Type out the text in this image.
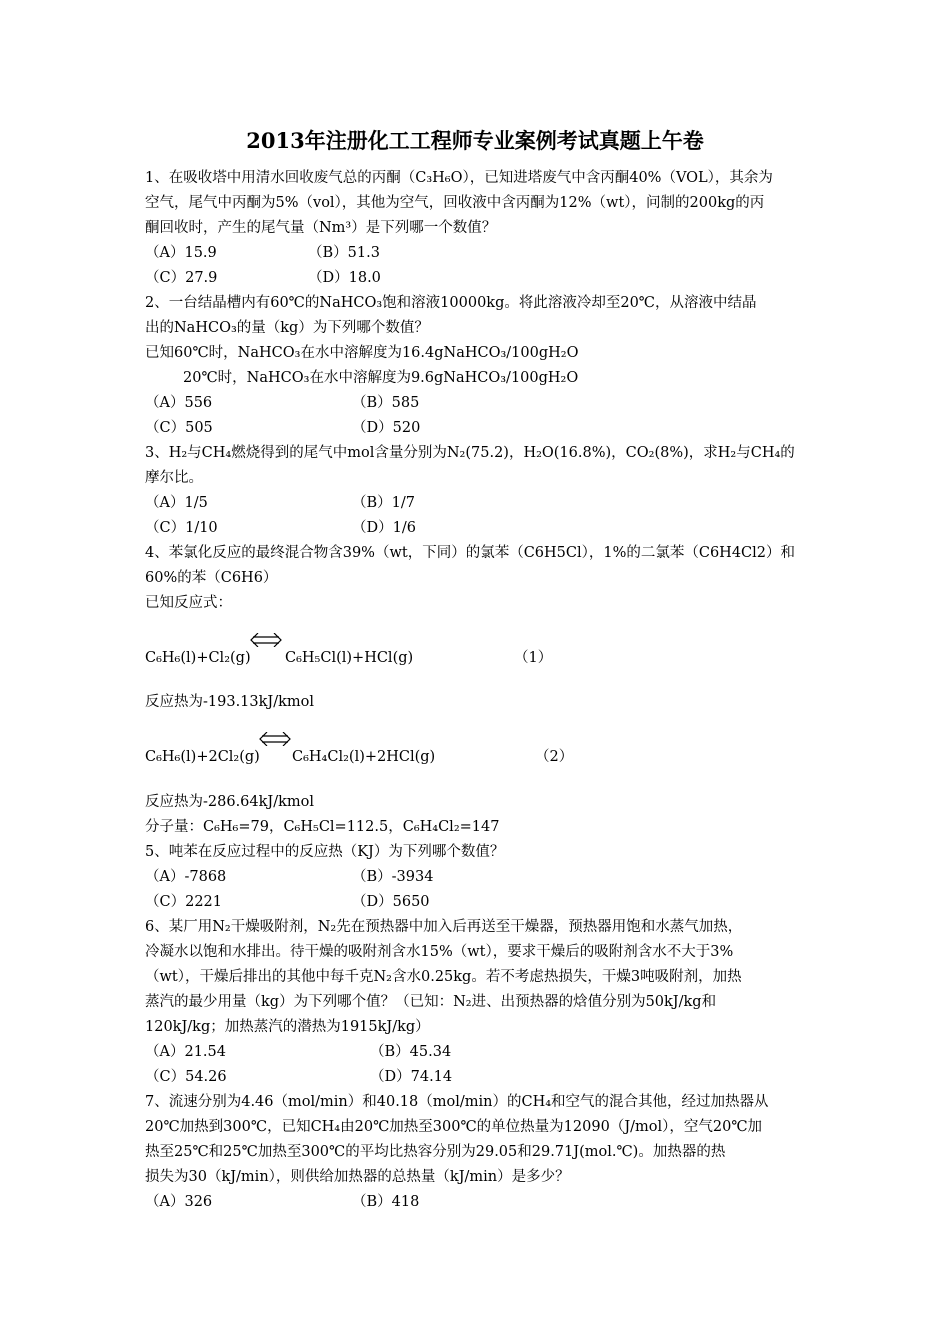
2013年注册化工工程师专业案例考试真题上午卷
1、在吸收塔中用清水回收废气总的丙酮（C₃H₆O），已知进塔废气中含丙酮40%（VOL），其余为
空气，尾气中丙酮为5%（vol），其他为空气，回收液中含丙酮为12%（wt），问制的200kg的丙
酮回收时，产生的尾气量（Nm³）是下列哪一个数值？
（A）15.9	（B）51.3
（C）27.9	（D）18.0
2、一台结晶槽内有60℃的NaHCO₃饱和溶液10000kg。将此溶液冷却至20℃，从溶液中结晶
出的NaHCO₃的量（kg）为下列哪个数值？
已知60℃时，NaHCO₃在水中溶解度为16.4gNaHCO₃/100gH₂O
20℃时，NaHCO₃在水中溶解度为9.6gNaHCO₃/100gH₂O
（A）556	（B）585
（C）505	（D）520
3、H₂与CH₄燃烧得到的尾气中mol含量分别为N₂(75.2)，H₂O(16.8%)，CO₂(8%)，求H₂与CH₄的
摩尔比。
（A）1/5	（B）1/7
（C）1/10	（D）1/6
4、苯氯化反应的最终混合物含39%（wt，下同）的氯苯（C6H5Cl），1%的二氯苯（C6H4Cl2）和
60%的苯（C6H6）
已知反应式：
C₆H₆(l)+Cl₂(g) C₆H₅Cl(l)+HCl(g)	（1）
反应热为-193.13kJ/kmol
C₆H₆(l)+2Cl₂(g) C₆H₄Cl₂(l)+2HCl(g)	（2）
反应热为-286.64kJ/kmol
分子量：C₆H₆=79，C₆H₅Cl=112.5，C₆H₄Cl₂=147
5、吨苯在反应过程中的反应热（KJ）为下列哪个数值？
（A）-7868	（B）-3934
（C）2221	（D）5650
6、某厂用N₂干燥吸附剂，N₂先在预热器中加入后再送至干燥器，预热器用饱和水蒸气加热，
冷凝水以饱和水排出。待干燥的吸附剂含水15%（wt），要求干燥后的吸附剂含水不大于3%
（wt），干燥后排出的其他中每千克N₂含水0.25kg。若不考虑热损失，干燥3吨吸附剂，加热
蒸汽的最少用量（kg）为下列哪个值？（已知：N₂进、出预热器的焓值分别为50kJ/kg和
120kJ/kg；加热蒸汽的潜热为1915kJ/kg）
（A）21.54	（B）45.34
（C）54.26	（D）74.14
7、流速分别为4.46（mol/min）和40.18（mol/min）的CH₄和空气的混合其他，经过加热器从
20℃加热到300℃，已知CH₄由20℃加热至300℃的单位热量为12090（J/mol），空气20℃加
热至25℃和25℃加热至300℃的平均比热容分别为29.05和29.71J(mol.℃)。加热器的热
损失为30（kJ/min），则供给加热器的总热量（kJ/min）是多少？
（A）326	（B）418
